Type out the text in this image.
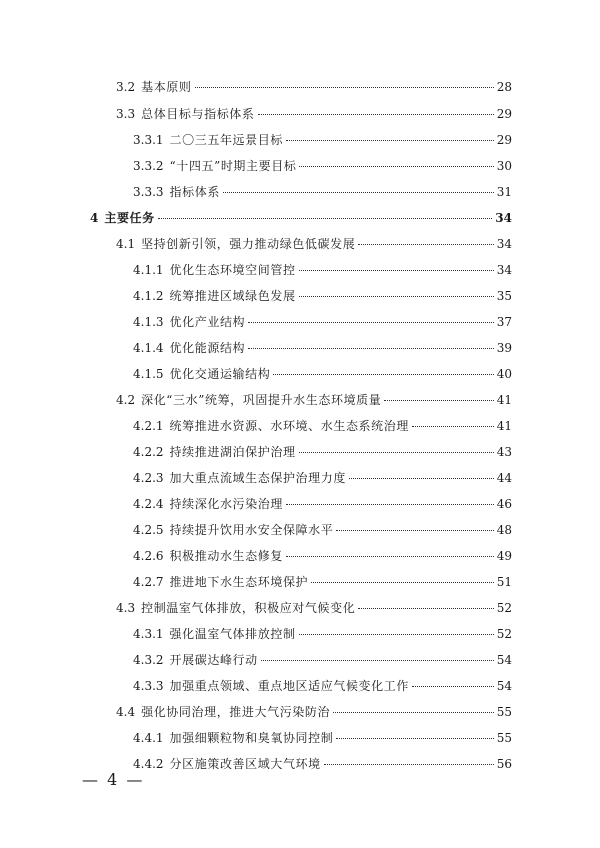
3.2 基本原则	28
3.3 总体目标与指标体系	29
3.3.1 二〇三五年远景目标	29
3.3.2 “十四五”时期主要目标	30
3.3.3 指标体系	31
4 主要任务	34
4.1 坚持创新引领，强力推动绿色低碳发展	34
4.1.1 优化生态环境空间管控	34
4.1.2 统筹推进区域绿色发展	35
4.1.3 优化产业结构	37
4.1.4 优化能源结构	39
4.1.5 优化交通运输结构	40
4.2 深化“三水”统筹，巩固提升水生态环境质量	41
4.2.1 统筹推进水资源、水环境、水生态系统治理	41
4.2.2 持续推进湖泊保护治理	43
4.2.3 加大重点流域生态保护治理力度	44
4.2.4 持续深化水污染治理	46
4.2.5 持续提升饮用水安全保障水平	48
4.2.6 积极推动水生态修复	49
4.2.7 推进地下水生态环境保护	51
4.3 控制温室气体排放，积极应对气候变化	52
4.3.1 强化温室气体排放控制	52
4.3.2 开展碳达峰行动	54
4.3.3 加强重点领域、重点地区适应气候变化工作	54
4.4 强化协同治理，推进大气污染防治	55
4.4.1 加强细颗粒物和臭氧协同控制	55
4.4.2 分区施策改善区域大气环境	56
— 4 —
